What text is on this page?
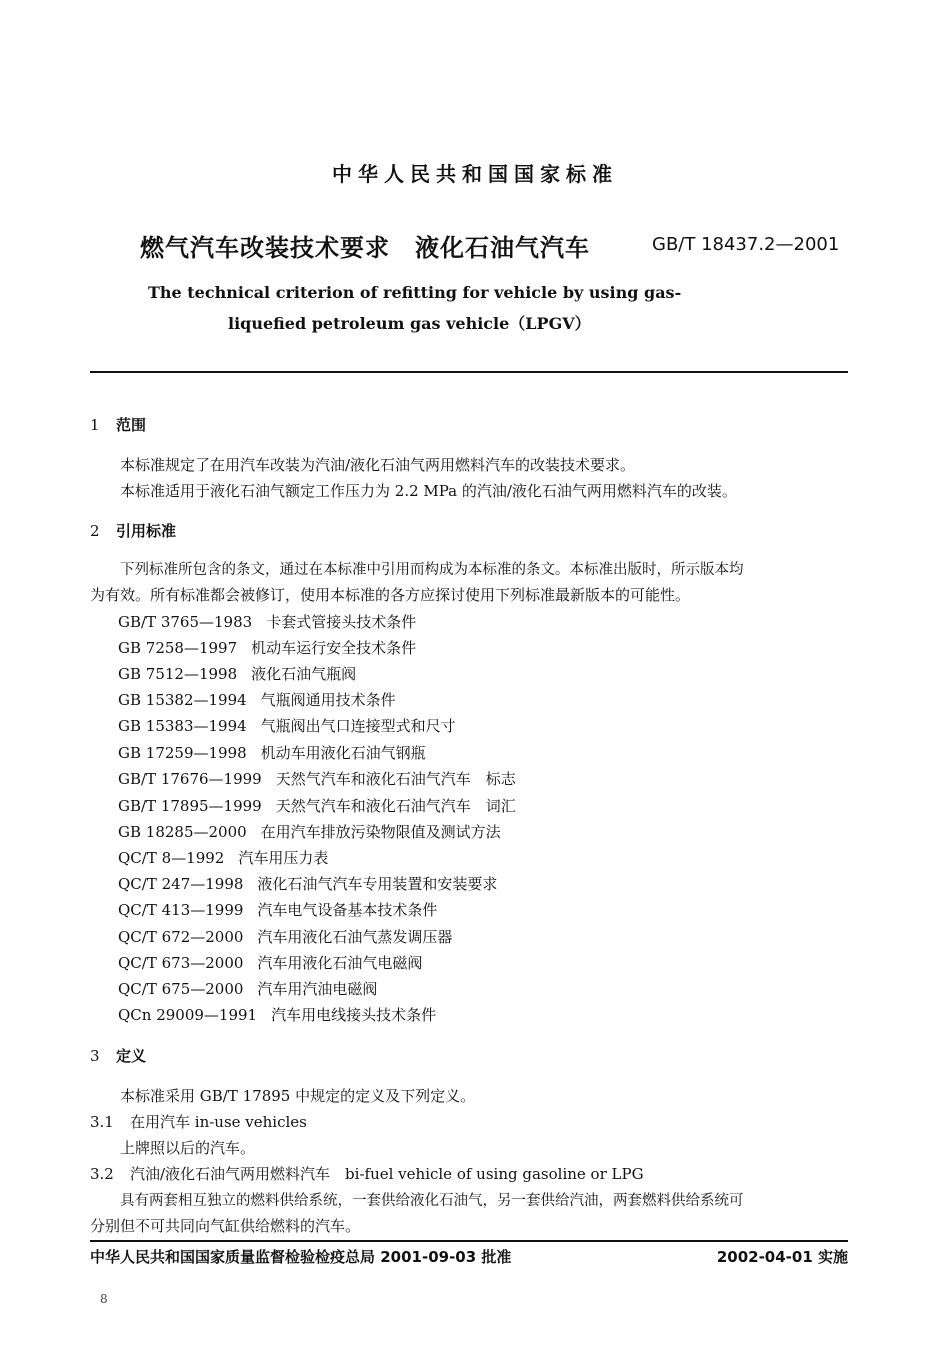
中华人民共和国国家标准
燃气汽车改装技术要求　液化石油气汽车	GB/T 18437.2—2001
The technical criterion of refitting for vehicle by using gas-
liquefied petroleum gas vehicle（LPGV）
1 范围
本标准规定了在用汽车改装为汽油/液化石油气两用燃料汽车的改装技术要求。
本标准适用于液化石油气额定工作压力为 2.2 MPa 的汽油/液化石油气两用燃料汽车的改装。
2 引用标准
下列标准所包含的条文，通过在本标准中引用而构成为本标准的条文。本标准出版时，所示版本均
为有效。所有标准都会被修订，使用本标准的各方应探讨使用下列标准最新版本的可能性。
GB/T 3765—1983 卡套式管接头技术条件
GB 7258—1997 机动车运行安全技术条件
GB 7512—1998 液化石油气瓶阀
GB 15382—1994 气瓶阀通用技术条件
GB 15383—1994 气瓶阀出气口连接型式和尺寸
GB 17259—1998 机动车用液化石油气钢瓶
GB/T 17676—1999 天然气汽车和液化石油气汽车　标志
GB/T 17895—1999 天然气汽车和液化石油气汽车　词汇
GB 18285—2000 在用汽车排放污染物限值及测试方法
QC/T 8—1992 汽车用压力表
QC/T 247—1998 液化石油气汽车专用装置和安装要求
QC/T 413—1999 汽车电气设备基本技术条件
QC/T 672—2000 汽车用液化石油气蒸发调压器
QC/T 673—2000 汽车用液化石油气电磁阀
QC/T 675—2000 汽车用汽油电磁阀
QCn 29009—1991 汽车用电线接头技术条件
3 定义
本标准采用 GB/T 17895 中规定的定义及下列定义。
3.1 在用汽车 in-use vehicles
上牌照以后的汽车。
3.2 汽油/液化石油气两用燃料汽车　bi-fuel vehicle of using gasoline or LPG
具有两套相互独立的燃料供给系统，一套供给液化石油气，另一套供给汽油，两套燃料供给系统可
分别但不可共同向气缸供给燃料的汽车。
中华人民共和国国家质量监督检验检疫总局 2001-09-03 批准	2002-04-01 实施
8
